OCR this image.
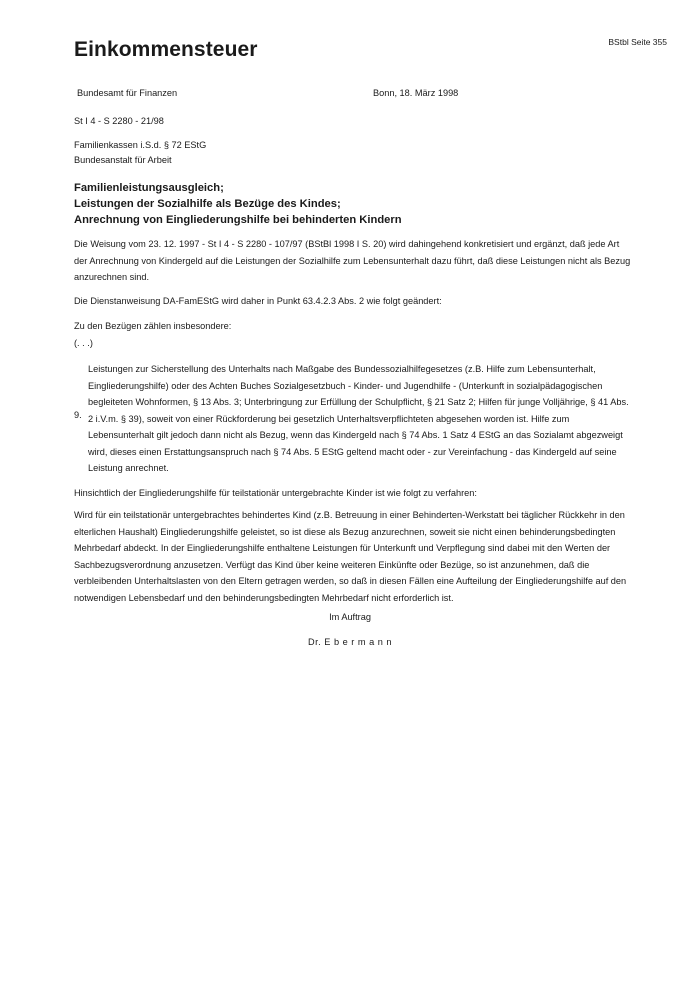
BStbl Seite 355
Einkommensteuer
Bundesamt für Finanzen	Bonn, 18. März 1998
St I 4 - S 2280 - 21/98
Familienkassen i.S.d. § 72 EStG
Bundesanstalt für Arbeit
Familienleistungsausgleich;
Leistungen der Sozialhilfe als Bezüge des Kindes;
Anrechnung von Eingliederungshilfe bei behinderten Kindern

Die Weisung vom 23. 12. 1997 - St I 4 - S 2280 - 107/97 (BStBl 1998 I S. 20) wird dahingehend konkretisiert und ergänzt, daß jede Art der Anrechnung von Kindergeld auf die Leistungen der Sozialhilfe zum Lebensunterhalt dazu führt, daß diese Leistungen nicht als Bezug anzurechnen sind.

Die Dienstanweisung DA-FamEStG wird daher in Punkt 63.4.2.3 Abs. 2 wie folgt geändert:

Zu den Bezügen zählen insbesondere:
(. . .)
9.

Leistungen zur Sicherstellung des Unterhalts nach Maßgabe des Bundessozialhilfegesetzes (z.B. Hilfe zum Lebensunterhalt, Eingliederungshilfe) oder des Achten Buches Sozialgesetzbuch - Kinder- und Jugendhilfe - (Unterkunft in sozialpädagogischen begleiteten Wohnformen, § 13 Abs. 3; Unterbringung zur Erfüllung der Schulpflicht, § 21 Satz 2; Hilfen für junge Volljährige, § 41 Abs. 2 i.V.m. § 39), soweit von einer Rückforderung bei gesetzlich Unterhaltsverpflichteten abgesehen worden ist. Hilfe zum Lebensunterhalt gilt jedoch dann nicht als Bezug, wenn das Kindergeld nach § 74 Abs. 1 Satz 4 EStG an das Sozialamt abgezweigt wird, dieses einen Erstattungsanspruch nach § 74 Abs. 5 EStG geltend macht oder - zur Vereinfachung - das Kindergeld auf seine Leistung anrechnet.

Hinsichtlich der Eingliederungshilfe für teilstationär untergebrachte Kinder ist wie folgt zu verfahren:

Wird für ein teilstationär untergebrachtes behindertes Kind (z.B. Betreuung in einer Behinderten-Werkstatt bei täglicher Rückkehr in den elterlichen Haushalt) Eingliederungshilfe geleistet, so ist diese als Bezug anzurechnen, soweit sie nicht einen behinderungsbedingten Mehrbedarf abdeckt. In der Eingliederungshilfe enthaltene Leistungen für Unterkunft und Verpflegung sind dabei mit den Werten der Sachbezugsverordnung anzusetzen. Verfügt das Kind über keine weiteren Einkünfte oder Bezüge, so ist anzunehmen, daß die verbleibenden Unterhaltslasten von den Eltern getragen werden, so daß in diesen Fällen eine Aufteilung der Eingliederungshilfe auf den notwendigen Lebensbedarf und den behinderungsbedingten Mehrbedarf nicht erforderlich ist.

Im Auftrag
Dr. E b e r m a n n
